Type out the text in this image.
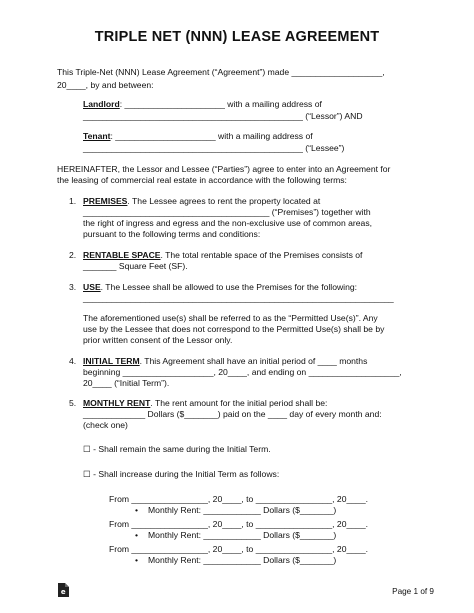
TRIPLE NET (NNN) LEASE AGREEMENT
This Triple-Net (NNN) Lease Agreement (“Agreement”) made ___________________,
20____, by and between:
Landlord: _____________________ with a mailing address of
______________________________________________ (“Lessor”) AND
Tenant: _____________________ with a mailing address of
______________________________________________ (“Lessee”)
HEREINAFTER, the Lessor and Lessee (“Parties”) agree to enter into an Agreement for
the leasing of commercial real estate in accordance with the following terms:
1. PREMISES. The Lessee agrees to rent the property located at
_______________________________________ (“Premises”) together with
the right of ingress and egress and the non-exclusive use of common areas,
pursuant to the following terms and conditions:
2. RENTABLE SPACE. The total rentable space of the Premises consists of
_______ Square Feet (SF).
3. USE. The Lessee shall be allowed to use the Premises for the following:
_________________________________________________________________
The aforementioned use(s) shall be referred to as the “Permitted Use(s)”. Any
use by the Lessee that does not correspond to the Permitted Use(s) shall be by
prior written consent of the Lessor only.
4. INITIAL TERM. This Agreement shall have an initial period of ____ months
beginning ___________________, 20____, and ending on ___________________,
20____ (“Initial Term”).
5. MONTHLY RENT. The rent amount for the initial period shall be:
_____________ Dollars ($_______) paid on the ____ day of every month and:
(check one)
☐ - Shall remain the same during the Initial Term.
☐ - Shall increase during the Initial Term as follows:
From ________________, 20____, to ________________, 20____.
• Monthly Rent: ____________ Dollars ($_______)
From ________________, 20____, to ________________, 20____.
• Monthly Rent: ____________ Dollars ($_______)
From ________________, 20____, to ________________, 20____.
• Monthly Rent: ____________ Dollars ($_______)
e	Page 1 of 9
